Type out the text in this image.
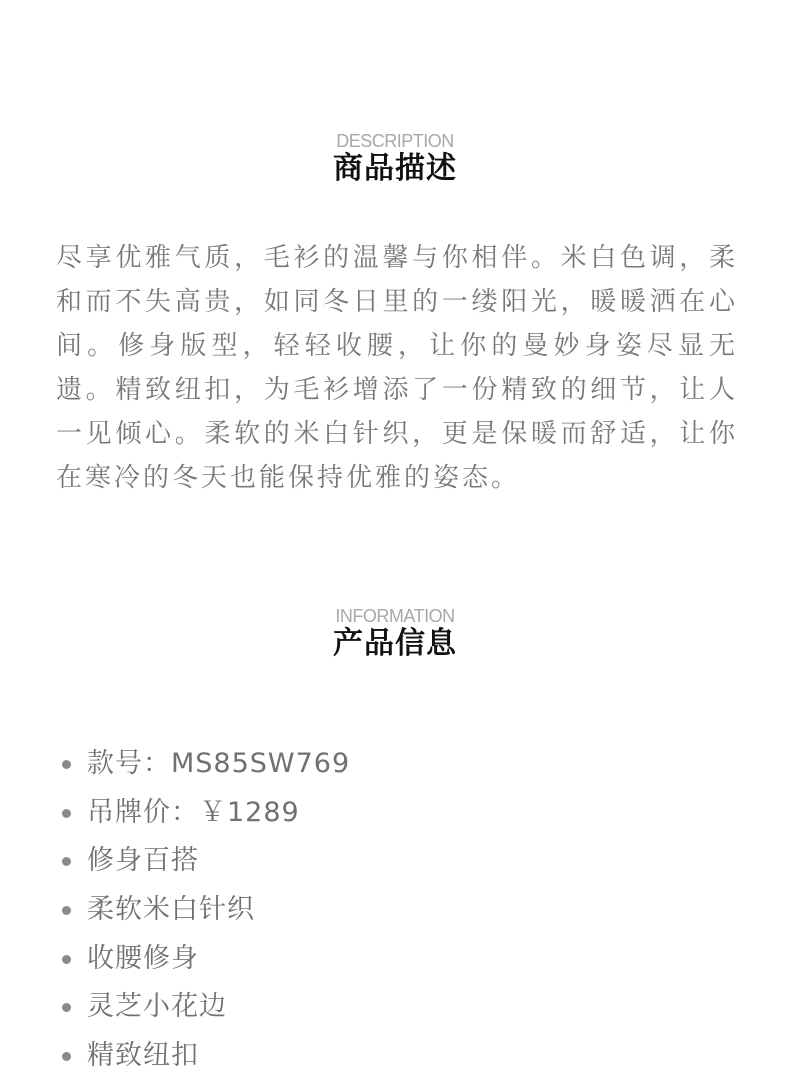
DESCRIPTION
商品描述

尽享优雅气质，毛衫的温馨与你相伴。米白色调，柔和而不失高贵，如同冬日里的一缕阳光，暖暖洒在心间。修身版型，轻轻收腰，让你的曼妙身姿尽显无遗。精致纽扣，为毛衫增添了一份精致的细节，让人一见倾心。柔软的米白针织，更是保暖而舒适，让你在寒冷的冬天也能保持优雅的姿态。

INFORMATION
产品信息
款号：MS85SW769
吊牌价：￥1289
修身百搭
柔软米白针织
收腰修身
灵芝小花边
精致纽扣
